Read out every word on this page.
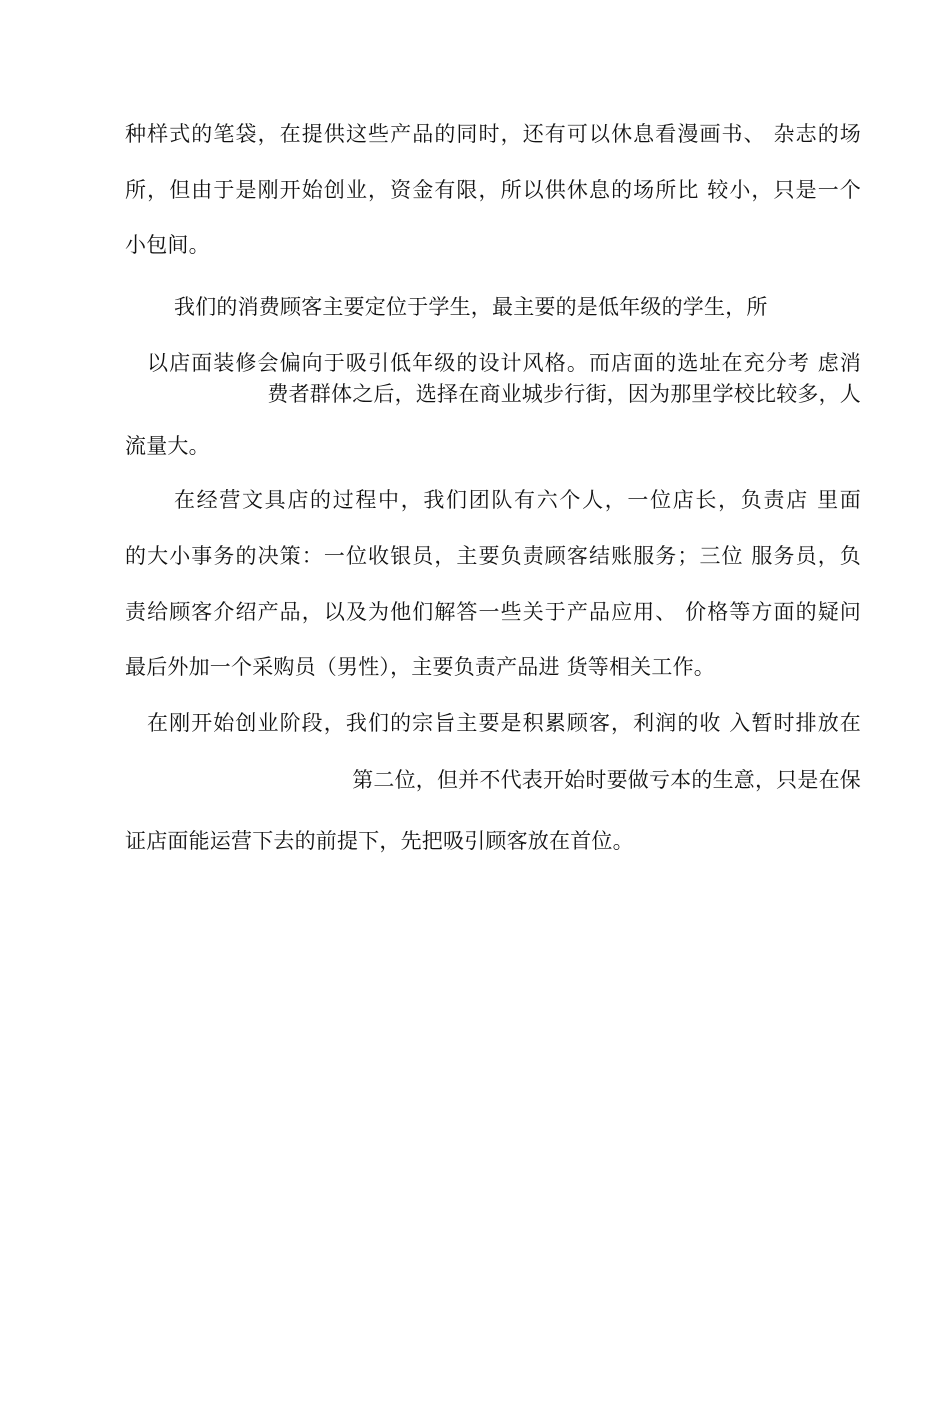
种样式的笔袋，在提供这些产品的同时，还有可以休息看漫画书、 杂志的场
所，但由于是刚开始创业，资金有限，所以供休息的场所比 较小，只是一个
小包间。
我们的消费顾客主要定位于学生，最主要的是低年级的学生，所
以店面装修会偏向于吸引低年级的设计风格。而店面的选址在充分考 虑消
费者群体之后，选择在商业城步行街，因为那里学校比较多，人
流量大。
在经营文具店的过程中，我们团队有六个人，一位店长，负责店 里面
的大小事务的决策：一位收银员，主要负责顾客结账服务；三位 服务员，负
责给顾客介绍产品，以及为他们解答一些关于产品应用、 价格等方面的疑问
最后外加一个采购员（男性），主要负责产品进 货等相关工作。
在刚开始创业阶段，我们的宗旨主要是积累顾客，利润的收 入暂时排放在
第二位，但并不代表开始时要做亏本的生意，只是在保
证店面能运营下去的前提下，先把吸引顾客放在首位。
